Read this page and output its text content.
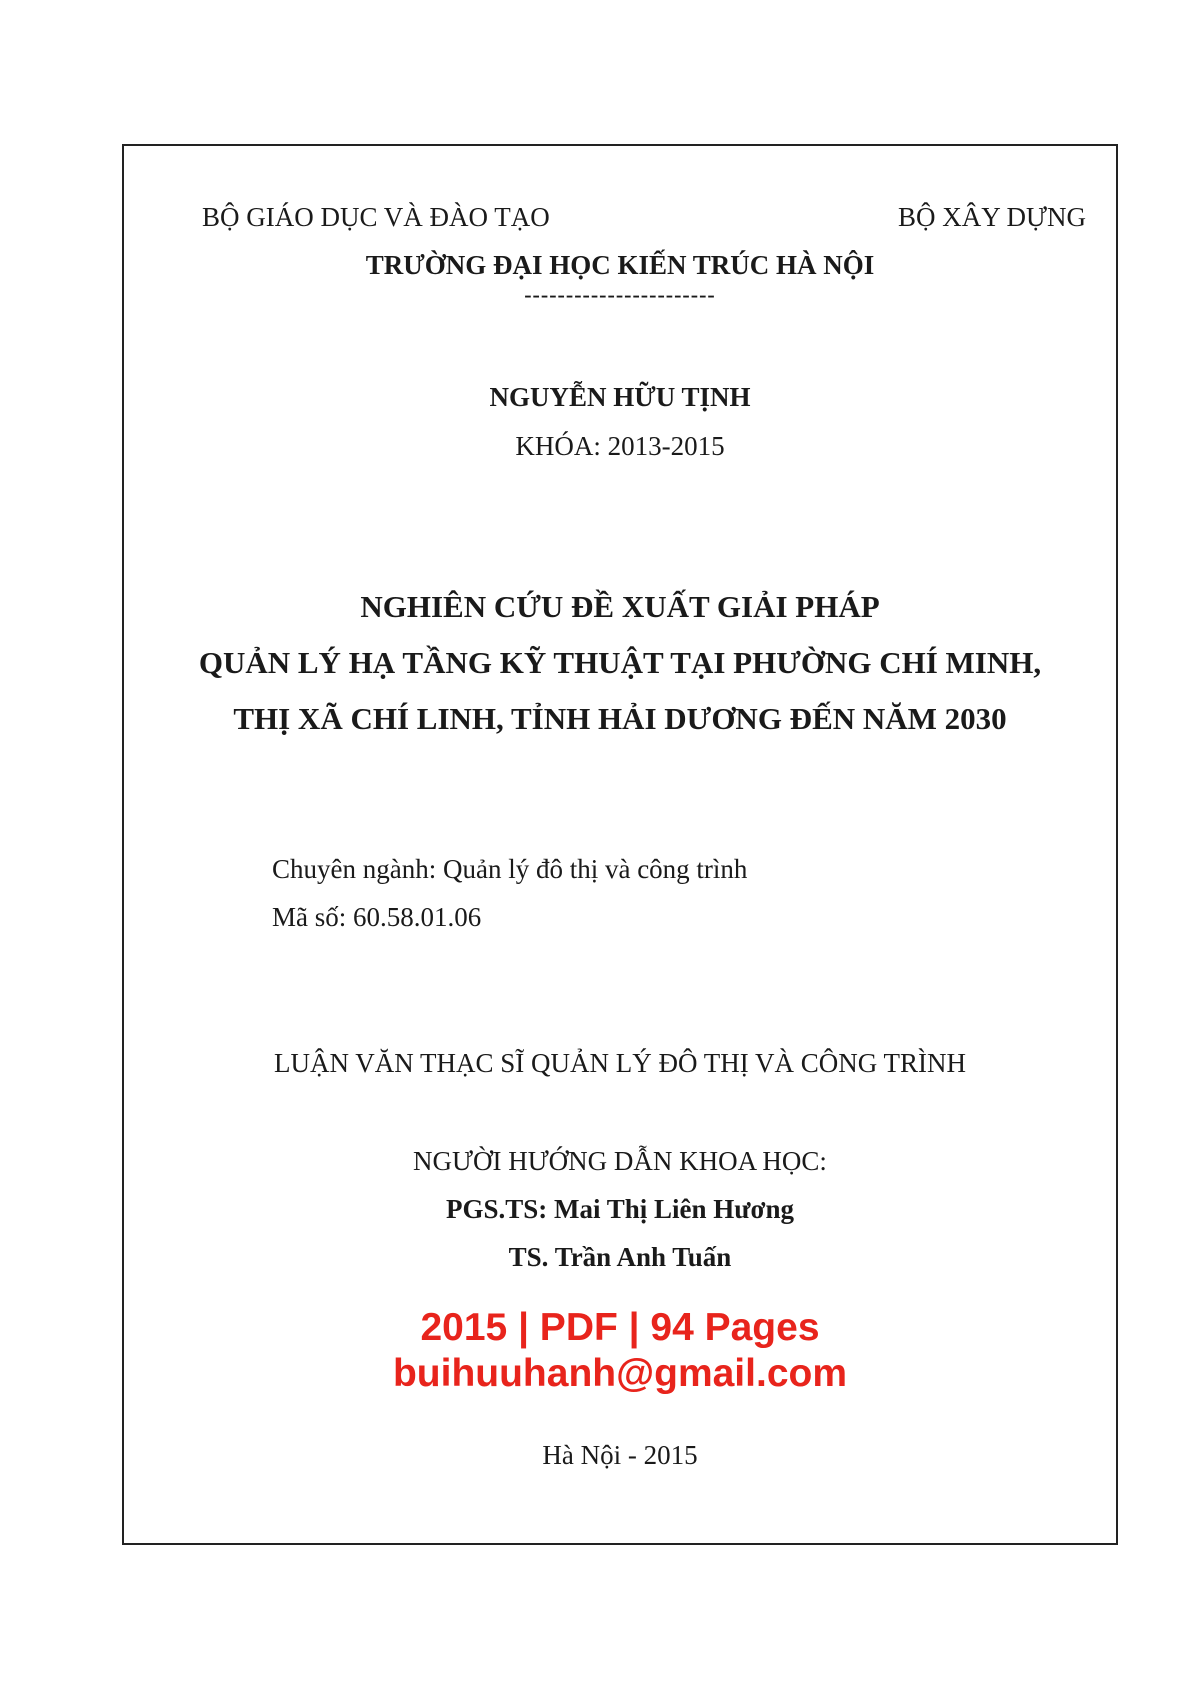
BỘ GIÁO DỤC VÀ ĐÀO TẠO	BỘ XÂY DỰNG
TRƯỜNG ĐẠI HỌC KIẾN TRÚC HÀ NỘI
-----------------------
NGUYỄN HỮU TỊNH
KHÓA: 2013-2015
NGHIÊN CỨU ĐỀ XUẤT GIẢI PHÁP
QUẢN LÝ HẠ TẦNG KỸ THUẬT TẠI PHƯỜNG CHÍ MINH,
THỊ XÃ CHÍ LINH, TỈNH HẢI DƯƠNG ĐẾN NĂM 2030
Chuyên ngành: Quản lý đô thị và công trình
Mã số: 60.58.01.06
LUẬN VĂN THẠC SĨ QUẢN LÝ ĐÔ THỊ VÀ CÔNG TRÌNH
NGƯỜI HƯỚNG DẪN KHOA HỌC:
PGS.TS: Mai Thị Liên Hương
TS. Trần Anh Tuấn
2015 | PDF | 94 Pages
buihuuhanh@gmail.com
Hà Nội - 2015
